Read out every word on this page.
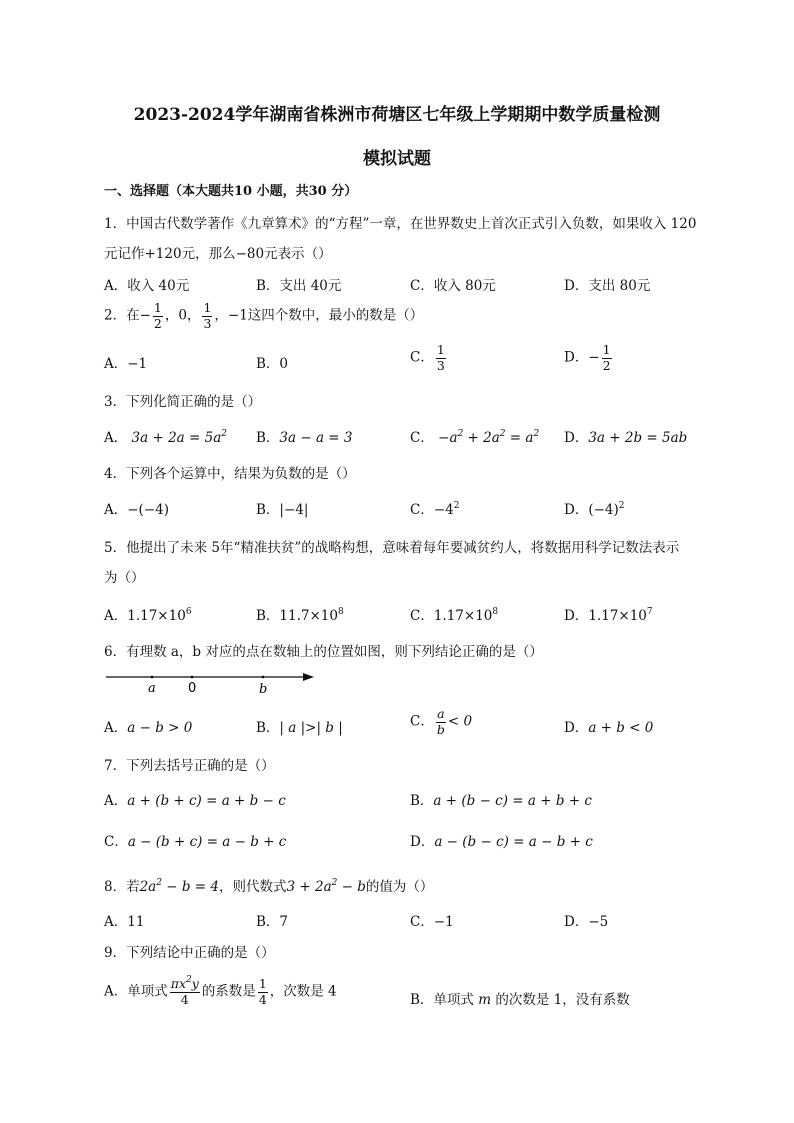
2023-2024学年湖南省株洲市荷塘区七年级上学期期中数学质量检测
模拟试题
一、选择题（本大题共10 小题，共30 分）
1．中国古代数学著作《九章算术》的“方程”一章，在世界数史上首次正式引入负数，如果收入 120
元记作+120元，那么−80元表示（）
A．收入 40元	B．支出 40元	C．收入 80元	D．支出 80元
2．在− $\frac{1}{2}$ ，0， $\frac{1}{3}$ ，−1这四个数中，最小的数是（）
A．−1	B．0	C． $\frac{1}{3}$	D．− $\frac{1}{2}$
3．下列化简正确的是（）
A． $3a + 2a = 5a^2$ B．3a − a = 3	C． $-a^2 + 2a^2 = a^2$ D．3a + 2b = 5ab
4．下列各个运算中，结果为负数的是（）
A．−(−4)	B．|−4|	C．$-4^2$	D．$(-4)^2$
5．他提出了未来 5年“精准扶贫”的战略构想，意味着每年要减贫约人，将数据用科学记数法表示
为（）
A．$1.17\times 10^6$	B．$11.7\times 10^8$	C．$1.17\times 10^8$	D．$1.17\times 10^7$
6．有理数 a，b 对应的点在数轴上的位置如图，则下列结论正确的是（）
a 0	b
A．a − b > 0	B．| a |>| b |	C． $\frac{a}{b} < 0$	D．a + b < 0
7．下列去括号正确的是（）
A．a + (b + c) = a + b − c	B．a + (b − c) = a + b + c
C．a − (b + c) = a − b + c	D．a − (b − c) = a − b + c
8．若$2a^2 - b = 4$，则代数式$3 + 2a^2 - b$的值为（）
A．11	B．7	C．−1	D．−5
9．下列结论中正确的是（）
A．单项式 $\frac{\pi x^2y}{4}$ 的系数是 $\frac{1}{4}$ ，次数是 4
B．单项式 m 的次数是 1，没有系数
